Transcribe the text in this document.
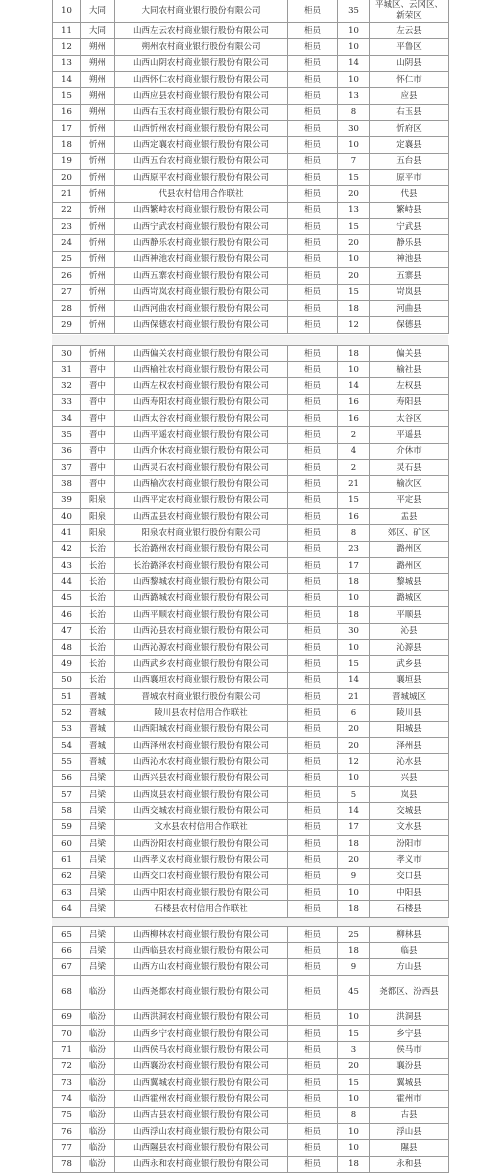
10	大同	大同农村商业银行股份有限公司	柜员	35	平城区、云冈区、新荣区
11	大同	山西左云农村商业银行股份有限公司	柜员	10	左云县
12	朔州	朔州农村商业银行股份有限公司	柜员	10	平鲁区
13	朔州	山西山阴农村商业银行股份有限公司	柜员	14	山阴县
14	朔州	山西怀仁农村商业银行股份有限公司	柜员	10	怀仁市
15	朔州	山西应县农村商业银行股份有限公司	柜员	13	应县
16	朔州	山西右玉农村商业银行股份有限公司	柜员	8	右玉县
17	忻州	山西忻州农村商业银行股份有限公司	柜员	30	忻府区
18	忻州	山西定襄农村商业银行股份有限公司	柜员	10	定襄县
19	忻州	山西五台农村商业银行股份有限公司	柜员	7	五台县
20	忻州	山西原平农村商业银行股份有限公司	柜员	15	原平市
21	忻州	代县农村信用合作联社	柜员	20	代县
22	忻州	山西繁峙农村商业银行股份有限公司	柜员	13	繁峙县
23	忻州	山西宁武农村商业银行股份有限公司	柜员	15	宁武县
24	忻州	山西静乐农村商业银行股份有限公司	柜员	20	静乐县
25	忻州	山西神池农村商业银行股份有限公司	柜员	10	神池县
26	忻州	山西五寨农村商业银行股份有限公司	柜员	20	五寨县
27	忻州	山西岢岚农村商业银行股份有限公司	柜员	15	岢岚县
28	忻州	山西河曲农村商业银行股份有限公司	柜员	18	河曲县
29	忻州	山西保德农村商业银行股份有限公司	柜员	12	保德县
30	忻州	山西偏关农村商业银行股份有限公司	柜员	18	偏关县
31	晋中	山西榆社农村商业银行股份有限公司	柜员	10	榆社县
32	晋中	山西左权农村商业银行股份有限公司	柜员	14	左权县
33	晋中	山西寿阳农村商业银行股份有限公司	柜员	16	寿阳县
34	晋中	山西太谷农村商业银行股份有限公司	柜员	16	太谷区
35	晋中	山西平遥农村商业银行股份有限公司	柜员	2	平遥县
36	晋中	山西介休农村商业银行股份有限公司	柜员	4	介休市
37	晋中	山西灵石农村商业银行股份有限公司	柜员	2	灵石县
38	晋中	山西榆次农村商业银行股份有限公司	柜员	21	榆次区
39	阳泉	山西平定农村商业银行股份有限公司	柜员	15	平定县
40	阳泉	山西盂县农村商业银行股份有限公司	柜员	16	盂县
41	阳泉	阳泉农村商业银行股份有限公司	柜员	8	郊区、矿区
42	长治	长治潞州农村商业银行股份有限公司	柜员	23	潞州区
43	长治	长治潞泽农村商业银行股份有限公司	柜员	17	潞州区
44	长治	山西黎城农村商业银行股份有限公司	柜员	18	黎城县
45	长治	山西潞城农村商业银行股份有限公司	柜员	10	潞城区
46	长治	山西平顺农村商业银行股份有限公司	柜员	18	平顺县
47	长治	山西沁县农村商业银行股份有限公司	柜员	30	沁县
48	长治	山西沁源农村商业银行股份有限公司	柜员	10	沁源县
49	长治	山西武乡农村商业银行股份有限公司	柜员	15	武乡县
50	长治	山西襄垣农村商业银行股份有限公司	柜员	14	襄垣县
51	晋城	晋城农村商业银行股份有限公司	柜员	21	晋城城区
52	晋城	陵川县农村信用合作联社	柜员	6	陵川县
53	晋城	山西阳城农村商业银行股份有限公司	柜员	20	阳城县
54	晋城	山西泽州农村商业银行股份有限公司	柜员	20	泽州县
55	晋城	山西沁水农村商业银行股份有限公司	柜员	12	沁水县
56	吕梁	山西兴县农村商业银行股份有限公司	柜员	10	兴县
57	吕梁	山西岚县农村商业银行股份有限公司	柜员	5	岚县
58	吕梁	山西交城农村商业银行股份有限公司	柜员	14	交城县
59	吕梁	文水县农村信用合作联社	柜员	17	文水县
60	吕梁	山西汾阳农村商业银行股份有限公司	柜员	18	汾阳市
61	吕梁	山西孝义农村商业银行股份有限公司	柜员	20	孝义市
62	吕梁	山西交口农村商业银行股份有限公司	柜员	9	交口县
63	吕梁	山西中阳农村商业银行股份有限公司	柜员	10	中阳县
64	吕梁	石楼县农村信用合作联社	柜员	18	石楼县
65	吕梁	山西柳林农村商业银行股份有限公司	柜员	25	柳林县
66	吕梁	山西临县农村商业银行股份有限公司	柜员	18	临县
67	吕梁	山西方山农村商业银行股份有限公司	柜员	9	方山县
68	临汾	山西尧都农村商业银行股份有限公司	柜员	45	尧都区、汾西县
69	临汾	山西洪洞农村商业银行股份有限公司	柜员	10	洪洞县
70	临汾	山西乡宁农村商业银行股份有限公司	柜员	15	乡宁县
71	临汾	山西侯马农村商业银行股份有限公司	柜员	3	侯马市
72	临汾	山西襄汾农村商业银行股份有限公司	柜员	20	襄汾县
73	临汾	山西翼城农村商业银行股份有限公司	柜员	15	翼城县
74	临汾	山西霍州农村商业银行股份有限公司	柜员	10	霍州市
75	临汾	山西古县农村商业银行股份有限公司	柜员	8	古县
76	临汾	山西浮山农村商业银行股份有限公司	柜员	10	浮山县
77	临汾	山西隰县农村商业银行股份有限公司	柜员	10	隰县
78	临汾	山西永和农村商业银行股份有限公司	柜员	18	永和县
